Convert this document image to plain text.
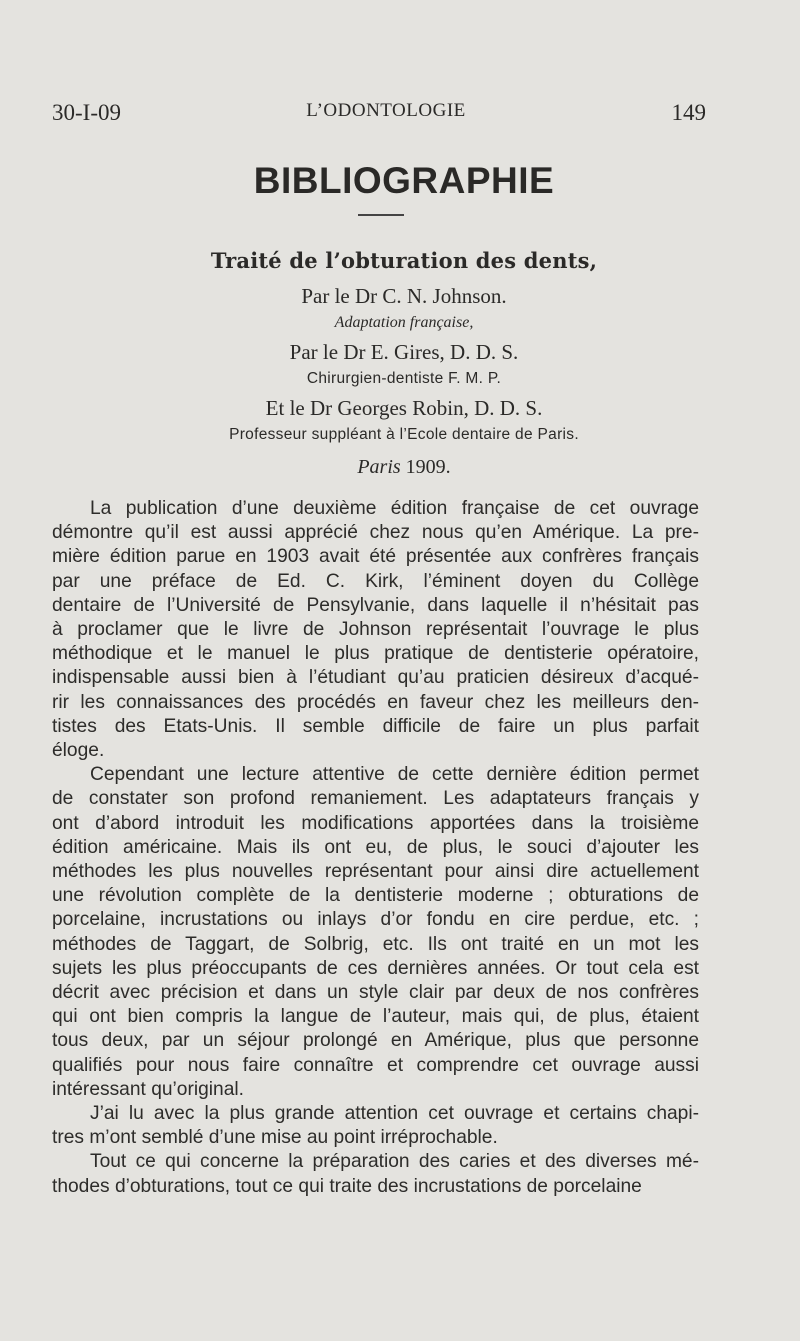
30-I-09	L’ODONTOLOGIE	149
BIBLIOGRAPHIE
Traité de l’obturation des dents,
Par le Dr C. N. Johnson.
Adaptation française,
Par le Dr E. Gires, D. D. S.
Chirurgien-dentiste F. M. P.
Et le Dr Georges Robin, D. D. S.
Professeur suppléant à l’Ecole dentaire de Paris.
Paris 1909.

La publication d’une deuxième édition française de cet ouvrage
démontre qu’il est aussi apprécié chez nous qu’en Amérique. La pre-
mière édition parue en 1903 avait été présentée aux confrères français
par une préface de Ed. C. Kirk, l’éminent doyen du Collège
dentaire de l’Université de Pensylvanie, dans laquelle il n’hésitait pas
à proclamer que le livre de Johnson représentait l’ouvrage le plus
méthodique et le manuel le plus pratique de dentisterie opératoire,
indispensable aussi bien à l’étudiant qu’au praticien désireux d’acqué-
rir les connaissances des procédés en faveur chez les meilleurs den-
tistes des Etats-Unis. Il semble difficile de faire un plus parfait
éloge.

Cependant une lecture attentive de cette dernière édition permet
de constater son profond remaniement. Les adaptateurs français y
ont d’abord introduit les modifications apportées dans la troisième
édition américaine. Mais ils ont eu, de plus, le souci d’ajouter les
méthodes les plus nouvelles représentant pour ainsi dire actuellement
une révolution complète de la dentisterie moderne ; obturations de
porcelaine, incrustations ou inlays d’or fondu en cire perdue, etc. ;
méthodes de Taggart, de Solbrig, etc. Ils ont traité en un mot les
sujets les plus préoccupants de ces dernières années. Or tout cela est
décrit avec précision et dans un style clair par deux de nos confrères
qui ont bien compris la langue de l’auteur, mais qui, de plus, étaient
tous deux, par un séjour prolongé en Amérique, plus que personne
qualifiés pour nous faire connaître et comprendre cet ouvrage aussi
intéressant qu’original.

J’ai lu avec la plus grande attention cet ouvrage et certains chapi-
tres m’ont semblé d’une mise au point irréprochable.

Tout ce qui concerne la préparation des caries et des diverses mé-
thodes d’obturations, tout ce qui traite des incrustations de porcelaine
